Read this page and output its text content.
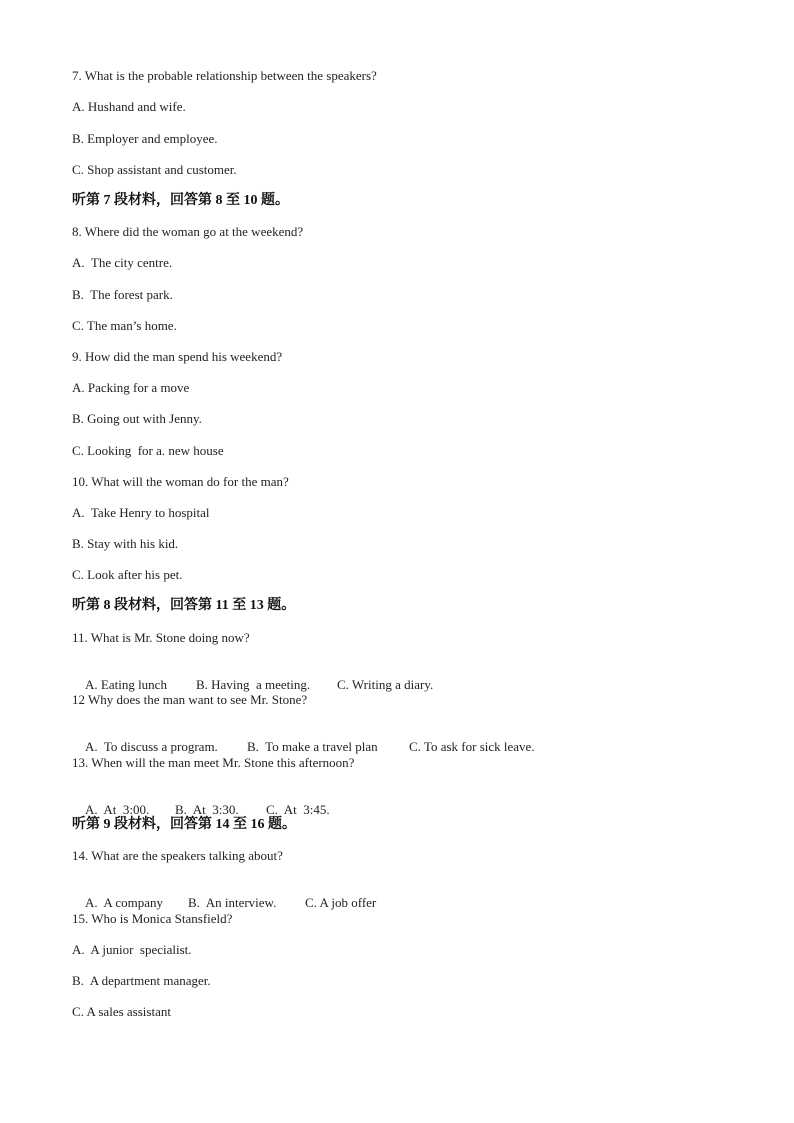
7. What is the probable relationship between the speakers?
A. Hushand and wife.
B. Employer and employee.
C. Shop assistant and customer.
听第 7 段材料，回答第 8 至 10 题。
8. Where did the woman go at the weekend?
A.  The city centre.
B.  The forest park.
C. The man’s home.
9. How did the man spend his weekend?
A. Packing for a move
B. Going out with Jenny.
C. Looking  for a. new house
10. What will the woman do for the man?
A.  Take Henry to hospital
B. Stay with his kid.
C. Look after his pet.
听第 8 段材料，回答第 11 至 13 题。
11. What is Mr. Stone doing now?

A. Eating lunch B. Having  a meeting. C. Writing a diary.

12 Why does the man want to see Mr. Stone?

A.  To discuss a program. B.  To make a travel plan C. To ask for sick leave.

13. When will the man meet Mr. Stone this afternoon?

A.  At  3:00. B.  At  3:30. C.  At  3:45.

听第 9 段材料，回答第 14 至 16 题。
14. What are the speakers talking about?

A.  A company B.  An interview. C. A job offer

15. Who is Monica Stansfield?
A.  A junior  specialist.
B.  A department manager.
C. A sales assistant
